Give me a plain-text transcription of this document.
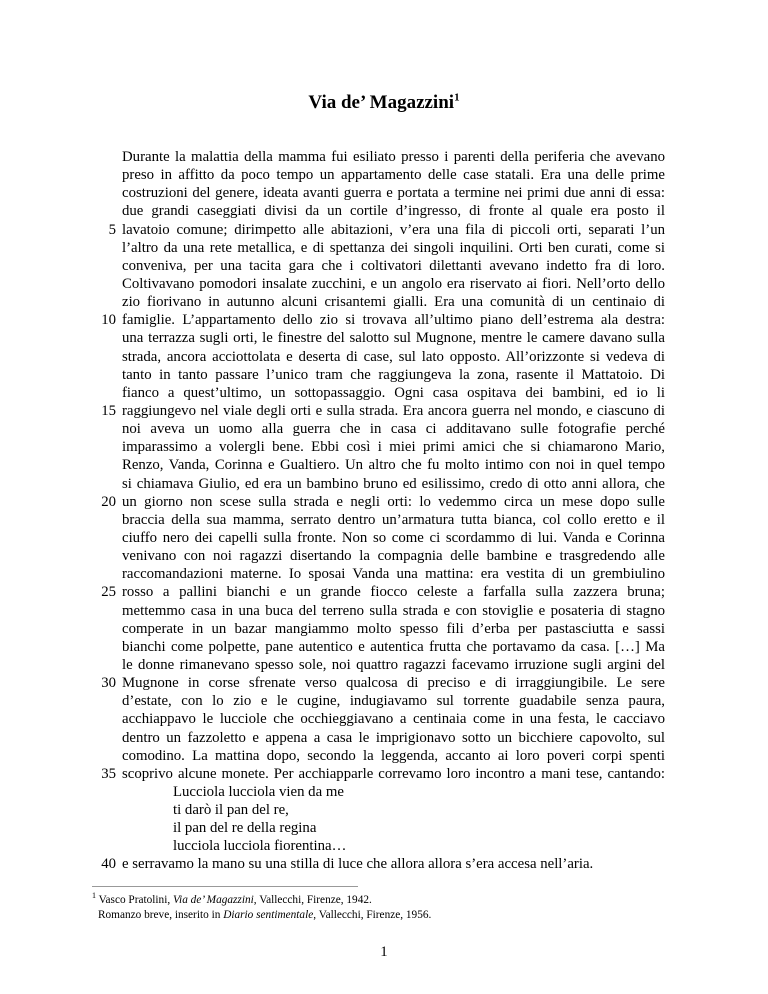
Via de’ Magazzini$^1$
Durante la malattia della mamma fui esiliato presso i parenti della periferia che avevano
preso in affitto da poco tempo un appartamento delle case statali. Era una delle prime
costruzioni del genere, ideata avanti guerra e portata a termine nei primi due anni di essa:
due grandi caseggiati divisi da un cortile d’ingresso, di fronte al quale era posto il
5 lavatoio comune; dirimpetto alle abitazioni, v’era una fila di piccoli orti, separati l’un
l’altro da una rete metallica, e di spettanza dei singoli inquilini. Orti ben curati, come si
conveniva, per una tacita gara che i coltivatori dilettanti avevano indetto fra di loro.
Coltivavano pomodori insalate zucchini, e un angolo era riservato ai fiori. Nell’orto dello
zio fiorivano in autunno alcuni crisantemi gialli. Era una comunità di un centinaio di
10 famiglie. L’appartamento dello zio si trovava all’ultimo piano dell’estrema ala destra:
una terrazza sugli orti, le finestre del salotto sul Mugnone, mentre le camere davano sulla
strada, ancora acciottolata e deserta di case, sul lato opposto. All’orizzonte si vedeva di
tanto in tanto passare l’unico tram che raggiungeva la zona, rasente il Mattatoio. Di
fianco a quest’ultimo, un sottopassaggio. Ogni casa ospitava dei bambini, ed io li
15 raggiungevo nel viale degli orti e sulla strada. Era ancora guerra nel mondo, e ciascuno di
noi aveva un uomo alla guerra che in casa ci additavano sulle fotografie perché
imparassimo a volergli bene. Ebbi così i miei primi amici che si chiamarono Mario,
Renzo, Vanda, Corinna e Gualtiero. Un altro che fu molto intimo con noi in quel tempo
si chiamava Giulio, ed era un bambino bruno ed esilissimo, credo di otto anni allora, che
20 un giorno non scese sulla strada e negli orti: lo vedemmo circa un mese dopo sulle
braccia della sua mamma, serrato dentro un’armatura tutta bianca, col collo eretto e il
ciuffo nero dei capelli sulla fronte. Non so come ci scordammo di lui. Vanda e Corinna
venivano con noi ragazzi disertando la compagnia delle bambine e trasgredendo alle
raccomandazioni materne. Io sposai Vanda una mattina: era vestita di un grembiulino
25 rosso a pallini bianchi e un grande fiocco celeste a farfalla sulla zazzera bruna;
mettemmo casa in una buca del terreno sulla strada e con stoviglie e posateria di stagno
comperate in un bazar mangiammo molto spesso fili d’erba per pastasciutta e sassi
bianchi come polpette, pane autentico e autentica frutta che portavamo da casa. […] Ma
le donne rimanevano spesso sole, noi quattro ragazzi facevamo irruzione sugli argini del
30 Mugnone in corse sfrenate verso qualcosa di preciso e di irraggiungibile. Le sere
d’estate, con lo zio e le cugine, indugiavamo sul torrente guadabile senza paura,
acchiappavo le lucciole che occhieggiavano a centinaia come in una festa, le cacciavo
dentro un fazzoletto e appena a casa le imprigionavo sotto un bicchiere capovolto, sul
comodino. La mattina dopo, secondo la leggenda, accanto ai loro poveri corpi spenti
35 scoprivo alcune monete. Per acchiapparle correvamo loro incontro a mani tese, cantando:
Lucciola lucciola vien da me
ti darò il pan del re,
il pan del re della regina
lucciola lucciola fiorentina…
40 e serravamo la mano su una stilla di luce che allora allora s’era accesa nell’aria.
$^1$ Vasco Pratolini, Via de’ Magazzini, Vallecchi, Firenze, 1942.
Romanzo breve, inserito in Diario sentimentale, Vallecchi, Firenze, 1956.
1
